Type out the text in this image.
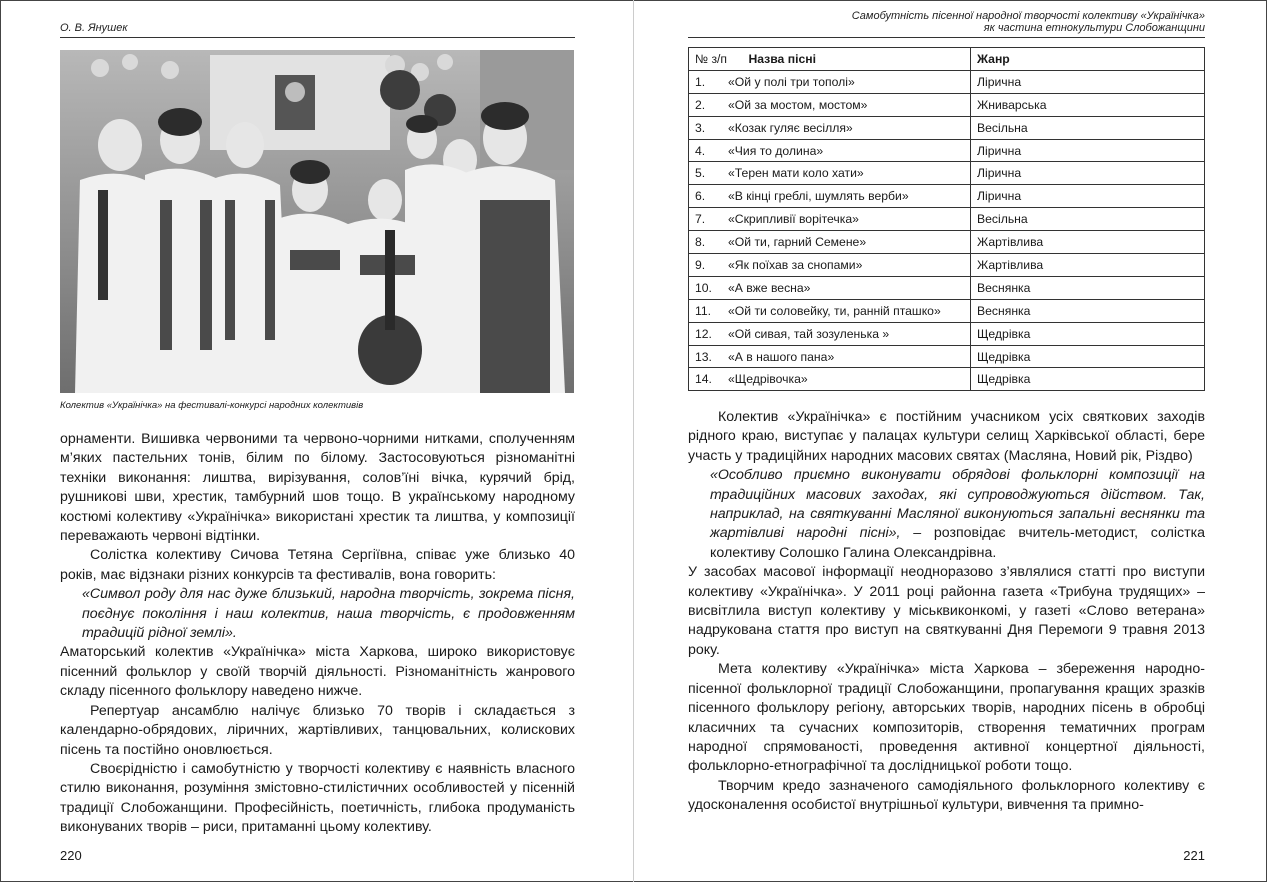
О. В. Янушек
Колектив «Українічка» на фестивалі-конкурсі народних колективів

орнаменти. Вишивка червоними та червоно-чорними нитками, сполученням м’яких пастельних тонів, білим по білому. Застосовуються різноманітні техніки виконання: лиштва, вирізування, солов’їні вічка, курячий брід, рушникові шви, хрестик, тамбурний шов тощо. В українському народному костюмі колективу «Українічка» використані хрестик та лиштва, у композиції переважають червоні відтінки.

Солістка колективу Сичова Тетяна Сергіївна, співає уже близько 40 років, має відзнаки різних конкурсів та фестивалів, вона говорить:

«Символ роду для нас дуже близький, народна творчість, зокрема пісня, поєднує покоління і наш колектив, наша творчість, є продовженням традицій рідної землі».

Аматорський колектив «Українічка» міста Харкова, широко використовує пісенний фольклор у своїй творчій діяльності. Різноманітність жанрового складу пісенного фольклору наведено нижче.

Репертуар ансамблю налічує близько 70 творів і складається з календарно-обрядових, ліричних, жартівливих, танцювальних, колискових пісень та постійно оновлюється.

Своєрідністю і самобутністю у творчості колективу є наявність власного стилю виконання, розуміння змістовно-стилістичних особливостей у пісенній традиції Слобожанщини. Професійність, поетичність, глибока продуманість виконуваних творів – риси, притаманні цьому колективу.

220
Самобутність пісенної народної творчості колективу «Українічка»
як частина етнокультури Слобожанщини
№ з/п Назва пісні		Жанр
1.	«Ой у полі три тополі»	Лірична
2.	«Ой за мостом, мостом»	Жниварська
3.	«Козак гуляє весілля»	Весільна
4.	«Чия то долина»	Лірична
5.	«Терен мати коло хати»	Лірична
6.	«В кінці греблі, шумлять верби»	Лірична
7.	«Скрипливії ворітечка»	Весільна
8.	«Ой ти, гарний Семене»	Жартівлива
9.	«Як поїхав за снопами»	Жартівлива
10.	«А вже весна»	Веснянка
11.	«Ой ти соловейку, ти, ранній пташко»	Веснянка
12.	«Ой сивая, тай зозуленька »	Щедрівка
13.	«А в нашого пана»	Щедрівка
14.	«Щедрівочка»	Щедрівка

Колектив «Українічка» є постійним учасником усіх святкових заходів рідного краю, виступає у палацах культури селищ Харківської області, бере участь у традиційних народних масових святах (Масляна, Новий рік, Різдво)

«Особливо приємно виконувати обрядові фольклорні композиції на традиційних масових заходах, які супроводжуються дійством. Так, наприклад, на святкуванні Масляної виконуються запальні веснянки та жартівливі народні пісні», – розповідає вчитель-методист, солістка колективу Солошко Галина Олександрівна.

У засобах масової інформації неодноразово з’являлися статті про виступи колективу «Українічка». У 2011 році районна газета «Трибуна трудящих» – висвітлила виступ колективу у міськвиконкомі, у газеті «Слово ветерана» надрукована стаття про виступ на святкуванні Дня Перемоги 9 травня 2013 року.

Мета колективу «Українічка» міста Харкова – збереження народно-пісенної фольклорної традиції Слобожанщини, пропагування кращих зразків пісенного фольклору регіону, авторських творів, народних пісень в обробці класичних та сучасних композиторів, створення тематичних програм народної спрямованості, проведення активної концертної діяльності, фольклорно-етнографічної та дослідницької роботи тощо.

Творчим кредо зазначеного самодіяльного фольклорного колективу є удосконалення особистої внутрішньої культури, вивчення та примно-

221
